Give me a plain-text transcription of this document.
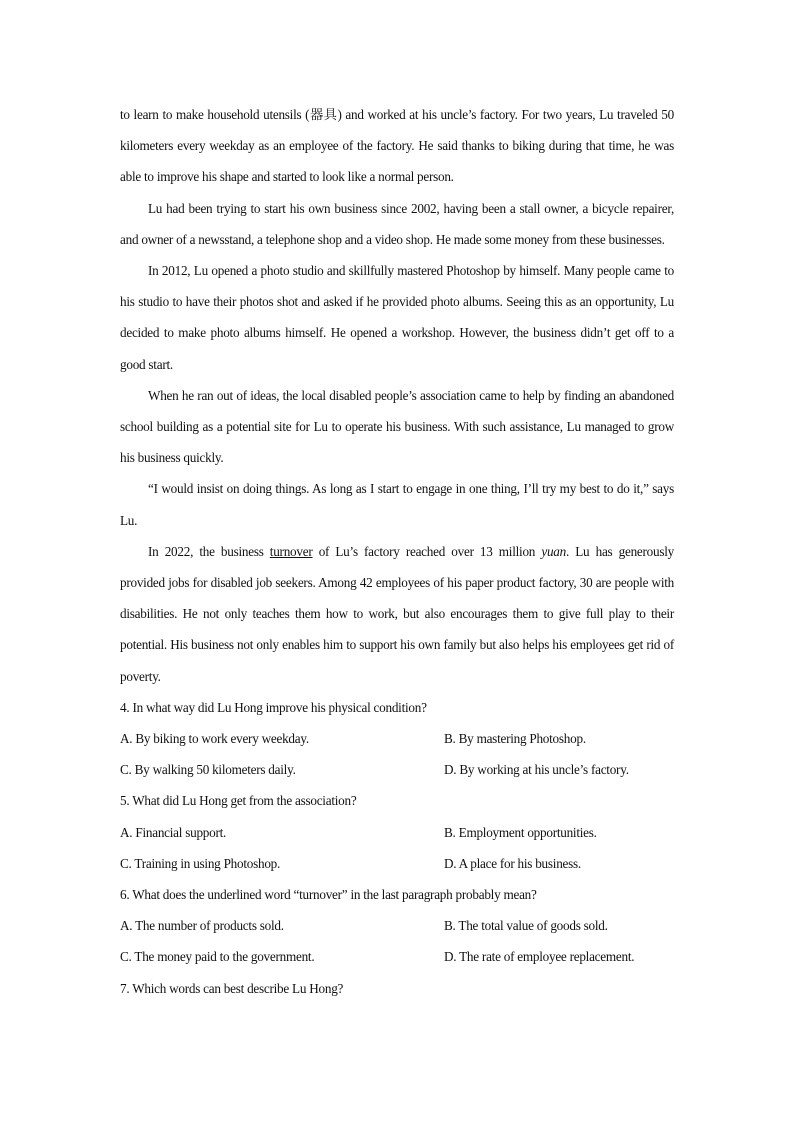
to learn to make household utensils (器具) and worked at his uncle’s factory. For two years, Lu traveled 50 kilometers every weekday as an employee of the factory. He said thanks to biking during that time, he was able to improve his shape and started to look like a normal person.

Lu had been trying to start his own business since 2002, having been a stall owner, a bicycle repairer, and owner of a newsstand, a telephone shop and a video shop. He made some money from these businesses.

In 2012, Lu opened a photo studio and skillfully mastered Photoshop by himself. Many people came to his studio to have their photos shot and asked if he provided photo albums. Seeing this as an opportunity, Lu decided to make photo albums himself. He opened a workshop. However, the business didn’t get off to a good start.

When he ran out of ideas, the local disabled people’s association came to help by finding an abandoned school building as a potential site for Lu to operate his business. With such assistance, Lu managed to grow his business quickly.

“I would insist on doing things. As long as I start to engage in one thing, I’ll try my best to do it,” says Lu.

In 2022, the business turnover of Lu’s factory reached over 13 million yuan. Lu has generously provided jobs for disabled job seekers. Among 42 employees of his paper product factory, 30 are people with disabilities. He not only teaches them how to work, but also encourages them to give full play to their potential. His business not only enables him to support his own family but also helps his employees get rid of poverty.

4. In what way did Lu Hong improve his physical condition?

A. By biking to work every weekday.	B. By mastering Photoshop.
C. By walking 50 kilometers daily.	D. By working at his uncle’s factory.

5. What did Lu Hong get from the association?

A. Financial support.	B. Employment opportunities.
C. Training in using Photoshop.	D. A place for his business.

6. What does the underlined word “turnover” in the last paragraph probably mean?

A. The number of products sold.	B. The total value of goods sold.
C. The money paid to the government.	D. The rate of employee replacement.

7. Which words can best describe Lu Hong?
